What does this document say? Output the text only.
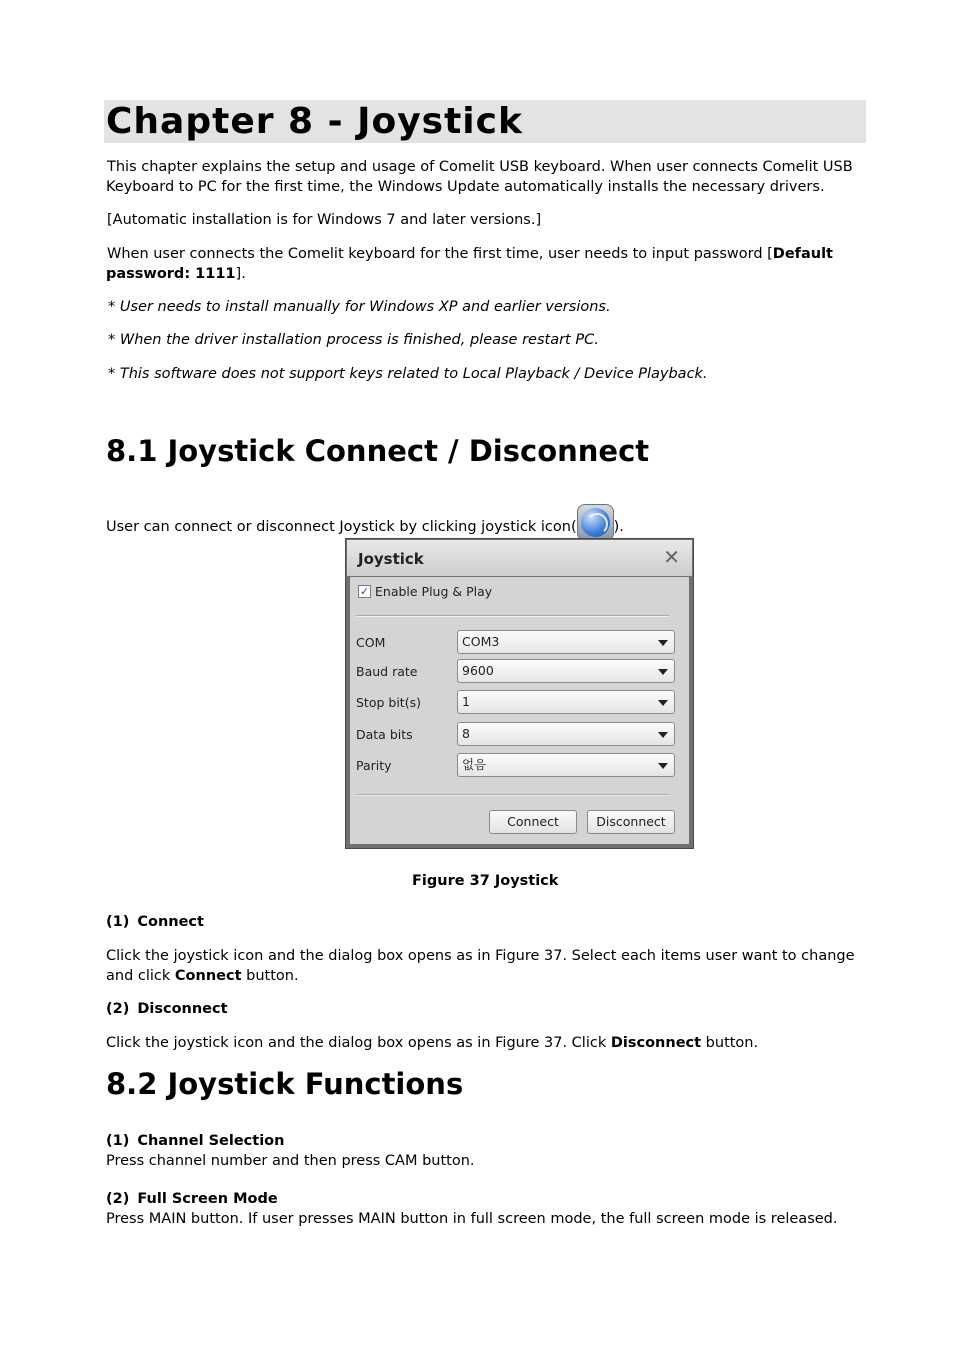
Chapter 8 - Joystick
This chapter explains the setup and usage of Comelit USB keyboard. When user connects Comelit USB
Keyboard to PC for the first time, the Windows Update automatically installs the necessary drivers.
[Automatic installation is for Windows 7 and later versions.]
When user connects the Comelit keyboard for the first time, user needs to input password [Default
password: 1111].
* User needs to install manually for Windows XP and earlier versions.
* When the driver installation process is finished, please restart PC.
* This software does not support keys related to Local Playback / Device Playback.
8.1 Joystick Connect / Disconnect
User can connect or disconnect Joystick by clicking joystick icon(	).
Joystick	✕
✓ Enable Plug & Play
COM	COM3
Baud rate	9600
Stop bit(s)	1
Data bits	8
Parity	없음
Connect	Disconnect
Figure 37 Joystick
(1) Connect
Click the joystick icon and the dialog box opens as in Figure 37. Select each items user want to change
and click Connect button.
(2) Disconnect
Click the joystick icon and the dialog box opens as in Figure 37. Click Disconnect button.
8.2 Joystick Functions
(1) Channel Selection
Press channel number and then press CAM button.
(2) Full Screen Mode
Press MAIN button. If user presses MAIN button in full screen mode, the full screen mode is released.
